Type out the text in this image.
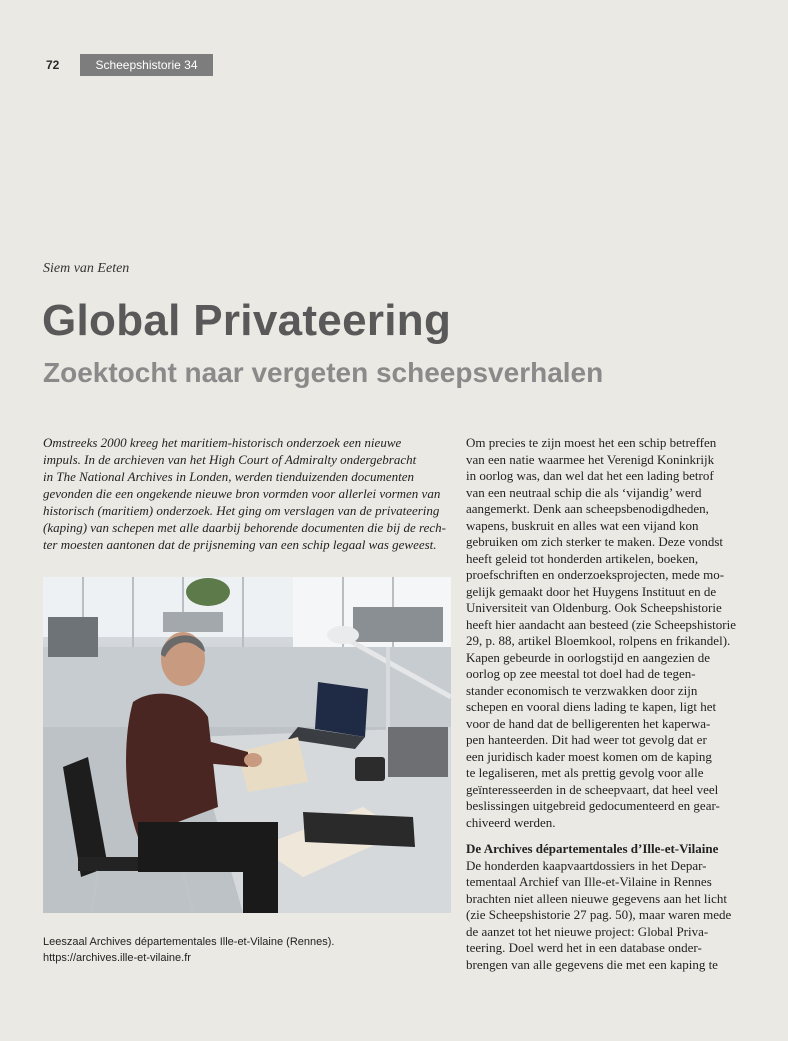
72	Scheepshistorie 34
Siem van Eeten
Global Privateering
Zoektocht naar vergeten scheepsverhalen
Omstreeks 2000 kreeg het maritiem-historisch onderzoek een nieuwe
impuls. In de archieven van het High Court of Admiralty ondergebracht
in The National Archives in Londen, werden tienduizenden documenten
gevonden die een ongekende nieuwe bron vormden voor allerlei vormen van
historisch (maritiem) onderzoek. Het ging om verslagen van de privateering
(kaping) van schepen met alle daarbij behorende documenten die bij de rech-
ter moesten aantonen dat de prijsneming van een schip legaal was geweest.
Leeszaal Archives départementales Ille-et-Vilaine (Rennes).
https://archives.ille-et-vilaine.fr
Om precies te zijn moest het een schip betreffen
van een natie waarmee het Verenigd Koninkrijk
in oorlog was, dan wel dat het een lading betrof
van een neutraal schip die als ‘vijandig’ werd
aangemerkt. Denk aan scheepsbenodigdheden,
wapens, buskruit en alles wat een vijand kon
gebruiken om zich sterker te maken. Deze vondst
heeft geleid tot honderden artikelen, boeken,
proefschriften en onderzoeksprojecten, mede mo-
gelijk gemaakt door het Huygens Instituut en de
Universiteit van Oldenburg. Ook Scheepshistorie
heeft hier aandacht aan besteed (zie Scheepshistorie
29, p. 88, artikel Bloemkool, rolpens en frikandel).
Kapen gebeurde in oorlogstijd en aangezien de
oorlog op zee meestal tot doel had de tegen-
stander economisch te verzwakken door zijn
schepen en vooral diens lading te kapen, ligt het
voor de hand dat de belligerenten het kaperwa-
pen hanteerden. Dit had weer tot gevolg dat er
een juridisch kader moest komen om de kaping
te legaliseren, met als prettig gevolg voor alle
geïnteresseerden in de scheepvaart, dat heel veel
beslissingen uitgebreid gedocumenteerd en gear-
chiveerd werden.
De Archives départementales d’Ille-et-Vilaine
De honderden kaapvaartdossiers in het Depar-
tementaal Archief van Ille-et-Vilaine in Rennes
brachten niet alleen nieuwe gegevens aan het licht
(zie Scheepshistorie 27 pag. 50), maar waren mede
de aanzet tot het nieuwe project: Global Priva-
teering. Doel werd het in een database onder-
brengen van alle gegevens die met een kaping te
